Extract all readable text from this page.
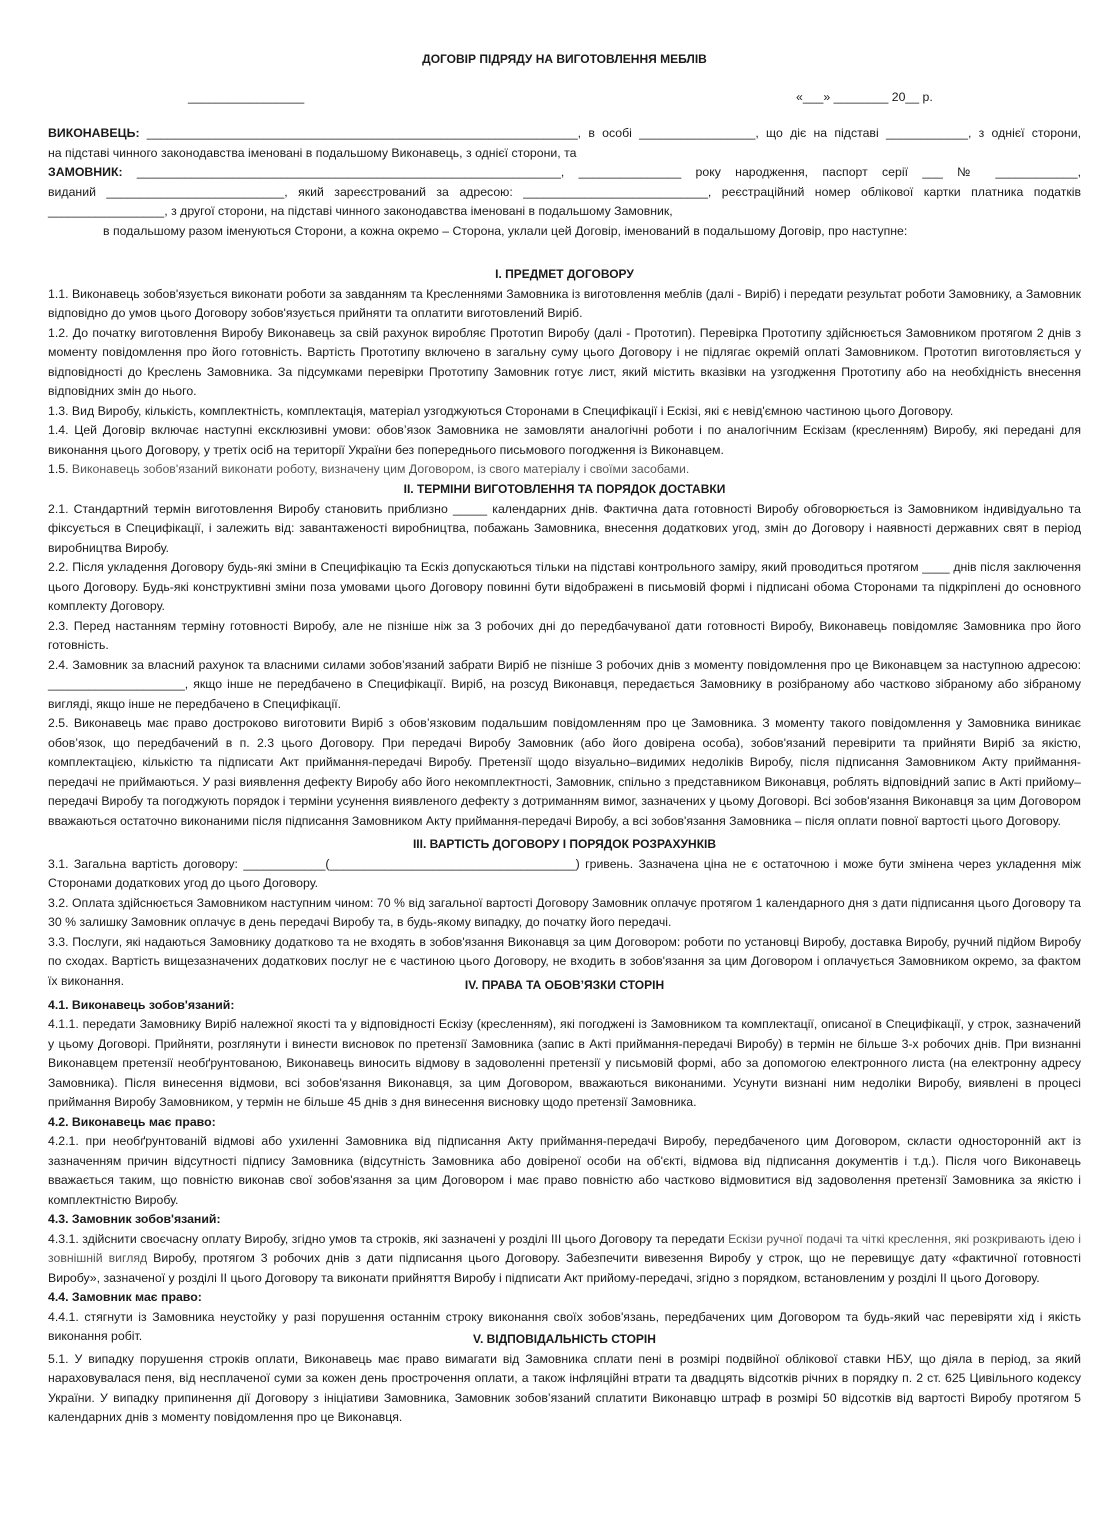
ДОГОВІР ПІДРЯДУ НА ВИГОТОВЛЕННЯ МЕБЛІВ
_________________	«___» ________ 20__ р.

ВИКОНАВЕЦЬ: _______________________________________________________________, в особі _________________, що діє на підставі ____________, з однієї сторони,

на підставі чинного законодавства іменовані в подальшому Виконавець, з однієї сторони, та

ЗАМОВНИК: ______________________________________________________________, _______________ року народження, паспорт серії ___ № ____________,

виданий __________________________, який зареєстрований за адресою: ___________________________, реєстраційний номер облікової картки платника податків

_________________, з другої сторони, на підставі чинного законодавства іменовані в подальшому Замовник,

в подальшому разом іменуються Сторони, а кожна окремо – Сторона, уклали цей Договір, іменований в подальшому Договір, про наступне:

І. ПРЕДМЕТ ДОГОВОРУ

1.1. Виконавець зобов'язується виконати роботи за завданням та Кресленнями Замовника із виготовлення меблів (далі - Виріб) і передати результат роботи Замовнику, а Замовник відповідно до умов цього Договору зобов'язується прийняти та оплатити виготовлений Виріб.

1.2. До початку виготовлення Виробу Виконавець за свій рахунок виробляє Прототип Виробу (далі - Прототип). Перевірка Прототипу здійснюється Замовником протягом 2 днів з моменту повідомлення про його готовність. Вартість Прототипу включено в загальну суму цього Договору і не підлягає окремій оплаті Замовником. Прототип виготовляється у відповідності до Креслень Замовника. За підсумками перевірки Прототипу Замовник готує лист, який містить вказівки на узгодження Прототипу або на необхідність внесення відповідних змін до нього.

1.3. Вид Виробу, кількість, комплектність, комплектація, матеріал узгоджуються Сторонами в Специфікації і Ескізі, які є невід'ємною частиною цього Договору.

1.4. Цей Договір включає наступні ексклюзивні умови: обов’язок Замовника не замовляти аналогічні роботи і по аналогічним Ескізам (кресленням) Виробу, які передані для виконання цього Договору, у третіх осіб на території України без попереднього письмового погодження із Виконавцем.

1.5. Виконавець зобов'язаний виконати роботу, визначену цим Договором, із свого матеріалу і своїми засобами.

ІІ. ТЕРМІНИ ВИГОТОВЛЕННЯ ТА ПОРЯДОК ДОСТАВКИ

2.1. Стандартний термін виготовлення Виробу становить приблизно _____ календарних днів. Фактична дата готовності Виробу обговорюється із Замовником індивідуально та фіксується в Специфікації, і залежить від: завантаженості виробництва, побажань Замовника, внесення додаткових угод, змін до Договору і наявності державних свят в період виробництва Виробу.

2.2. Після укладення Договору будь-які зміни в Специфікацію та Ескіз допускаються тільки на підставі контрольного заміру, який проводиться протягом ____ днів після заключення цього Договору. Будь-які конструктивні зміни поза умовами цього Договору повинні бути відображені в письмовій формі і підписані обома Сторонами та підкріплені до основного комплекту Договору.

2.3. Перед настанням терміну готовності Виробу, але не пізніше ніж за 3 робочих дні до передбачуваної дати готовності Виробу, Виконавець повідомляє Замовника про його готовність.

2.4. Замовник за власний рахунок та власними силами зобов’язаний забрати Виріб не пізніше 3 робочих днів з моменту повідомлення про це Виконавцем за наступною адресою: ____________________, якщо інше не передбачено в Специфікації. Виріб, на розсуд Виконавця, передається Замовнику в розібраному або частково зібраному або зібраному вигляді, якщо інше не передбачено в Специфікації.

2.5. Виконавець має право достроково виготовити Виріб з обов’язковим подальшим повідомленням про це Замовника. З моменту такого повідомлення у Замовника виникає обов’язок, що передбачений в п. 2.3 цього Договору. При передачі Виробу Замовник (або його довірена особа), зобов'язаний перевірити та прийняти Виріб за якістю, комплектацією, кількістю та підписати Акт приймання-передачі Виробу. Претензії щодо візуально–видимих недоліків Виробу, після підписання Замовником Акту приймання-передачі не приймаються. У разі виявлення дефекту Виробу або його некомплектності, Замовник, спільно з представником Виконавця, роблять відповідний запис в Акті прийому–передачі Виробу та погоджують порядок і терміни усунення виявленого дефекту з дотриманням вимог, зазначених у цьому Договорі. Всі зобов'язання Виконавця за цим Договором вважаються остаточно виконаними після підписання Замовником Акту приймання-передачі Виробу, а всі зобов'язання Замовника – після оплати повної вартості цього Договору.

ІІІ. ВАРТІСТЬ ДОГОВОРУ І ПОРЯДОК РОЗРАХУНКІВ

3.1. Загальна вартість договору: ____________(____________________________________) гривень. Зазначена ціна не є остаточною і може бути змінена через укладення між Сторонами додаткових угод до цього Договору.

3.2. Оплата здійснюється Замовником наступним чином: 70 % від загальної вартості Договору Замовник оплачує протягом 1 календарного дня з дати підписання цього Договору та 30 % залишку Замовник оплачує в день передачі Виробу та, в будь-якому випадку, до початку його передачі.

3.3. Послуги, які надаються Замовнику додатково та не входять в зобов'язання Виконавця за цим Договором: роботи по установці Виробу, доставка Виробу, ручний підйом Виробу по сходах. Вартість вищезазначених додаткових послуг не є частиною цього Договору, не входить в зобов'язання за цим Договором і оплачується Замовником окремо, за фактом їх виконання.	IV. ПРАВА ТА ОБОВ’ЯЗКИ СТОРІН

4.1. Виконавець зобов'язаний:

4.1.1. передати Замовнику Виріб належної якості та у відповідності Ескізу (кресленням), які погоджені із Замовником та комплектації, описаної в Специфікації, у строк, зазначений у цьому Договорі. Прийняти, розглянути і винести висновок по претензії Замовника (запис в Акті приймання-передачі Виробу) в термін не більше 3-х робочих днів. При визнанні Виконавцем претензії необґрунтованою, Виконавець виносить відмову в задоволенні претензії у письмовій формі, або за допомогою електронного листа (на електронну адресу Замовника). Після винесення відмови, всі зобов'язання Виконавця, за цим Договором, вважаються виконаними. Усунути визнані ним недоліки Виробу, виявлені в процесі приймання Виробу Замовником, у термін не більше 45 днів з дня винесення висновку щодо претензії Замовника.

4.2. Виконавець має право:

4.2.1. при необґрунтованій відмові або ухиленні Замовника від підписання Акту приймання-передачі Виробу, передбаченого цим Договором, скласти односторонній акт із зазначенням причин відсутності підпису Замовника (відсутність Замовника або довіреної особи на об'єкті, відмова від підписання документів і т.д.). Після чого Виконавець вважається таким, що повністю виконав свої зобов'язання за цим Договором і має право повністю або частково відмовитися від задоволення претензії Замовника за якістю і комплектністю Виробу.

4.3. Замовник зобов'язаний:

4.3.1. здійснити своєчасну оплату Виробу, згідно умов та строків, які зазначені у розділі ІІІ цього Договору та передати Ескізи ручної подачі та чіткі креслення, які розкривають ідею і зовнішній вигляд Виробу, протягом 3 робочих днів з дати підписання цього Договору. Забезпечити вивезення Виробу у строк, що не перевищує дату «фактичної готовності Виробу», зазначеної у розділі ІІ цього Договору та виконати прийняття Виробу і підписати Акт прийому-передачі, згідно з порядком, встановленим у розділі ІІ цього Договору.

4.4. Замовник має право:

4.4.1. стягнути із Замовника неустойку у разі порушення останнім строку виконання своїх зобов'язань, передбачених цим Договором та будь-який час перевіряти хід і якість виконання робіт.	V. ВІДПОВІДАЛЬНІСТЬ СТОРІН

5.1. У випадку порушення строків оплати, Виконавець має право вимагати від Замовника сплати пені в розмірі подвійної облікової ставки НБУ, що діяла в період, за який нараховувалася пеня, від несплаченої суми за кожен день прострочення оплати, а також інфляційні втрати та двадцять відсотків річних в порядку п. 2 ст. 625 Цивільного кодексу України. У випадку припинення дії Договору з ініціативи Замовника, Замовник зобов’язаний сплатити Виконавцю штраф в розмірі 50 відсотків від вартості Виробу протягом 5 календарних днів з моменту повідомлення про це Виконавця.
